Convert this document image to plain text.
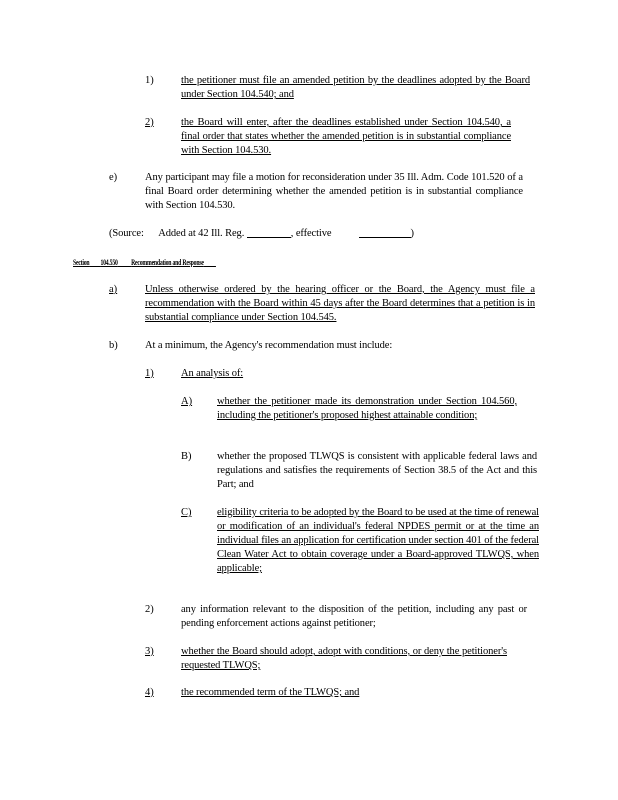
1)	the petitioner must file an amended petition by the deadlines adopted by the Board under Section 104.540; and
2)	the Board will enter, after the deadlines established under Section 104.540, a final order that states whether the amended petition is in substantial compliance with Section 104.530.
e)	Any participant may file a motion for reconsideration under 35 Ill. Adm. Code 101.520 of a final Board order determining whether the amended petition is in substantial compliance with Section 104.530.
(Source: Added at 42 Ill. Reg.	, effective	)
Section 104.550 Recommendation and Response
a)	Unless otherwise ordered by the hearing officer or the Board, the Agency must file a recommendation with the Board within 45 days after the Board determines that a petition is in substantial compliance under Section 104.545.
b)	At a minimum, the Agency's recommendation must include:
1)	An analysis of:
A) whether the petitioner made its demonstration under Section 104.560, including the petitioner's proposed highest attainable condition;
B) whether the proposed TLWQS is consistent with applicable federal laws and regulations and satisfies the requirements of Section 38.5 of the Act and this Part; and
C) eligibility criteria to be adopted by the Board to be used at the time of renewal or modification of an individual's federal NPDES permit or at the time an individual files an application for certification under section 401 of the federal Clean Water Act to obtain coverage under a Board-approved TLWQS, when applicable;
2)	any information relevant to the disposition of the petition, including any past or pending enforcement actions against petitioner;
3)	whether the Board should adopt, adopt with conditions, or deny the petitioner's requested TLWQS;
4)	the recommended term of the TLWQS; and
